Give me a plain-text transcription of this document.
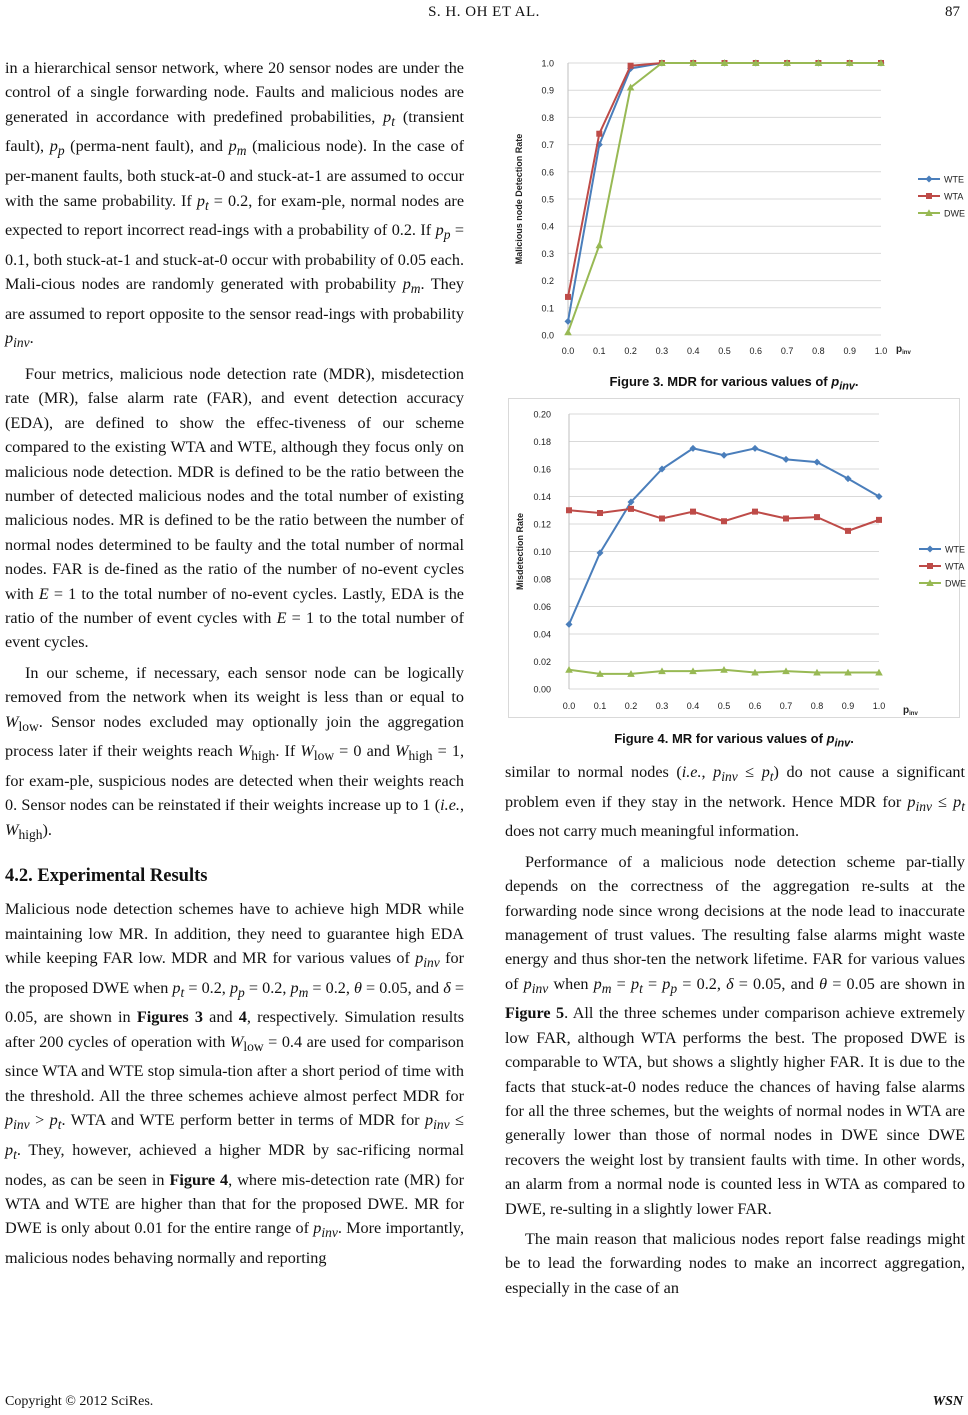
S. H. OH ET AL.	87

in a hierarchical sensor network, where 20 sensor nodes are under the control of a single forwarding node. Faults and malicious nodes are generated in accordance with predefined probabilities, $p_t$ (transient fault), $p_p$ (perma-nent fault), and $p_m$ (malicious node). In the case of per-manent faults, both stuck-at-0 and stuck-at-1 are assumed to occur with the same probability. If $p_t = 0.2$, for exam-ple, normal nodes are expected to report incorrect read-ings with a probability of 0.2. If $p_p = 0.1$, both stuck-at-1 and stuck-at-0 occur with probability of 0.05 each. Mali-cious nodes are randomly generated with probability $p_m$. They are assumed to report opposite to the sensor read-ings with probability $p_{inv}$.

Four metrics, malicious node detection rate (MDR), misdetection rate (MR), false alarm rate (FAR), and event detection accuracy (EDA), are defined to show the effec-tiveness of our scheme compared to the existing WTA and WTE, although they focus only on malicious node detection. MDR is defined to be the ratio between the number of detected malicious nodes and the total number of existing malicious nodes. MR is defined to be the ratio between the number of normal nodes determined to be faulty and the total number of normal nodes. FAR is de-fined as the ratio of the number of no-event cycles with E = 1 to the total number of no-event cycles. Lastly, EDA is the ratio of the number of event cycles with E = 1 to the total number of event cycles.

In our scheme, if necessary, each sensor node can be logically removed from the network when its weight is less than or equal to $W_{low}$. Sensor nodes excluded may optionally join the aggregation process later if their weights reach $W_{high}$. If $W_{low} = 0$ and $W_{high} = 1$, for exam-ple, suspicious nodes are detected when their weights reach 0. Sensor nodes can be reinstated if their weights increase up to 1 (i.e., $W_{high}$).

4.2. Experimental Results

Malicious node detection schemes have to achieve high MDR while maintaining low MR. In addition, they need to guarantee high EDA while keeping FAR low. MDR and MR for various values of $p_{inv}$ for the proposed DWE when $p_t = 0.2$, $p_p = 0.2$, $p_m = 0.2$, θ = 0.05, and δ = 0.05, are shown in Figures 3 and 4, respectively. Simulation results after 200 cycles of operation with $W_{low} = 0.4$ are used for comparison since WTA and WTE stop simula-tion after a short period of time with the threshold. All the three schemes achieve almost perfect MDR for $p_{inv} > p_t$. WTA and WTE perform better in terms of MDR for $p_{inv} \le p_t$. They, however, achieved a higher MDR by sac-rificing normal nodes, as can be seen in Figure 4, where mis-detection rate (MR) for WTA and WTE are higher than that for the proposed DWE. MR for DWE is only about 0.01 for the entire range of $p_{inv}$. More importantly, malicious nodes behaving normally and reporting

0.0
0.1
0.2
0.3
0.4
0.5
0.6
0.7
0.8
0.9
1.0
0.0 0.1 0.2 0.3 0.4 0.5 0.6 0.7 0.8 0.9 1.0
Malicious node Detection Rate
$p_{inv}$
WTE
WTA
DWE
Figure 3. MDR for various values of $p_{inv}$.
0.00
0.02
0.04
0.06
0.08
0.10
0.12
0.14
0.16
0.18
0.20
0.0 0.1 0.2 0.3 0.4 0.5 0.6 0.7 0.8 0.9 1.0
Misdetection Rate
$p_{inv}$
WTE
WTA
DWE
Figure 4. MR for various values of $p_{inv}$.

similar to normal nodes (i.e., $p_{inv} \le p_t$) do not cause a significant problem even if they stay in the network. Hence MDR for $p_{inv} \le p_t$ does not carry much meaningful information.

Performance of a malicious node detection scheme par-tially depends on the correctness of the aggregation re-sults at the forwarding node since wrong decisions at the node lead to inaccurate management of trust values. The resulting false alarms might waste energy and thus shor-ten the network lifetime. FAR for various values of $p_{inv}$ when $p_m = p_t = p_p = 0.2$, δ = 0.05, and θ = 0.05 are shown in Figure 5. All the three schemes under comparison achieve extremely low FAR, although WTA performs the best. The proposed DWE is comparable to WTA, but shows a slightly higher FAR. It is due to the facts that stuck-at-0 nodes reduce the chances of having false alarms for all the three schemes, but the weights of normal nodes in WTA are generally lower than those of normal nodes in DWE since DWE recovers the weight lost by transient faults with time. In other words, an alarm from a normal node is counted less in WTA as compared to DWE, re-sulting in a slightly lower FAR.

The main reason that malicious nodes report false readings might be to lead the forwarding nodes to make an incorrect aggregation, especially in the case of an

Copyright © 2012 SciRes.	WSN
